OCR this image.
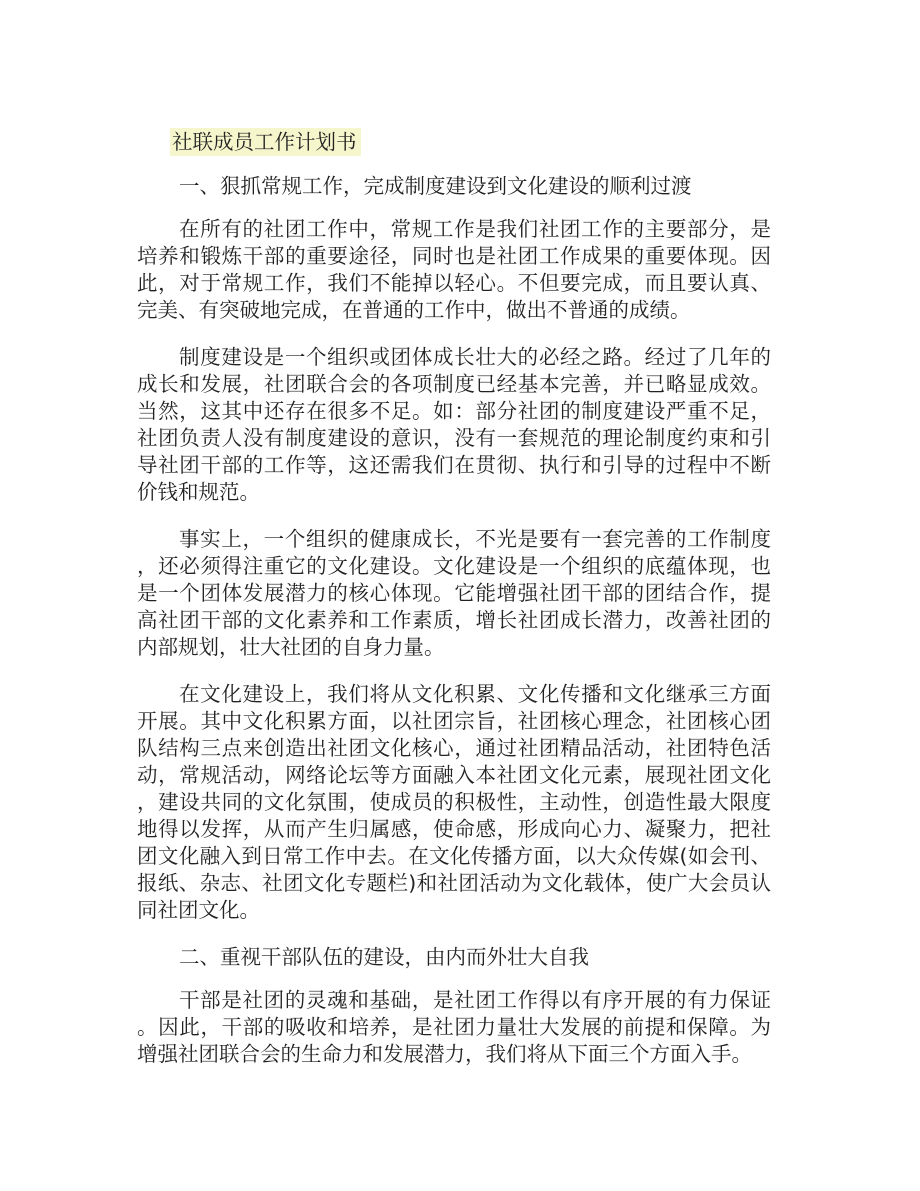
社联成员工作计划书
一、狠抓常规工作，完成制度建设到文化建设的顺利过渡
在所有的社团工作中，常规工作是我们社团工作的主要部分，是
培养和锻炼干部的重要途径，同时也是社团工作成果的重要体现。因
此，对于常规工作，我们不能掉以轻心。不但要完成，而且要认真、
完美、有突破地完成，在普通的工作中，做出不普通的成绩。
制度建设是一个组织或团体成长壮大的必经之路。经过了几年的
成长和发展，社团联合会的各项制度已经基本完善，并已略显成效。
当然，这其中还存在很多不足。如：部分社团的制度建设严重不足，
社团负责人没有制度建设的意识，没有一套规范的理论制度约束和引
导社团干部的工作等，这还需我们在贯彻、执行和引导的过程中不断
价钱和规范。
事实上，一个组织的健康成长，不光是要有一套完善的工作制度
，还必须得注重它的文化建设。文化建设是一个组织的底蕴体现，也
是一个团体发展潜力的核心体现。它能增强社团干部的团结合作，提
高社团干部的文化素养和工作素质，增长社团成长潜力，改善社团的
内部规划，壮大社团的自身力量。
在文化建设上，我们将从文化积累、文化传播和文化继承三方面
开展。其中文化积累方面，以社团宗旨，社团核心理念，社团核心团
队结构三点来创造出社团文化核心，通过社团精品活动，社团特色活
动，常规活动，网络论坛等方面融入本社团文化元素，展现社团文化
，建设共同的文化氛围，使成员的积极性，主动性，创造性最大限度
地得以发挥，从而产生归属感，使命感，形成向心力、凝聚力，把社
团文化融入到日常工作中去。在文化传播方面，以大众传媒(如会刊、
报纸、杂志、社团文化专题栏)和社团活动为文化载体，使广大会员认
同社团文化。
二、重视干部队伍的建设，由内而外壮大自我
干部是社团的灵魂和基础，是社团工作得以有序开展的有力保证
。因此，干部的吸收和培养，是社团力量壮大发展的前提和保障。为
增强社团联合会的生命力和发展潜力，我们将从下面三个方面入手。
